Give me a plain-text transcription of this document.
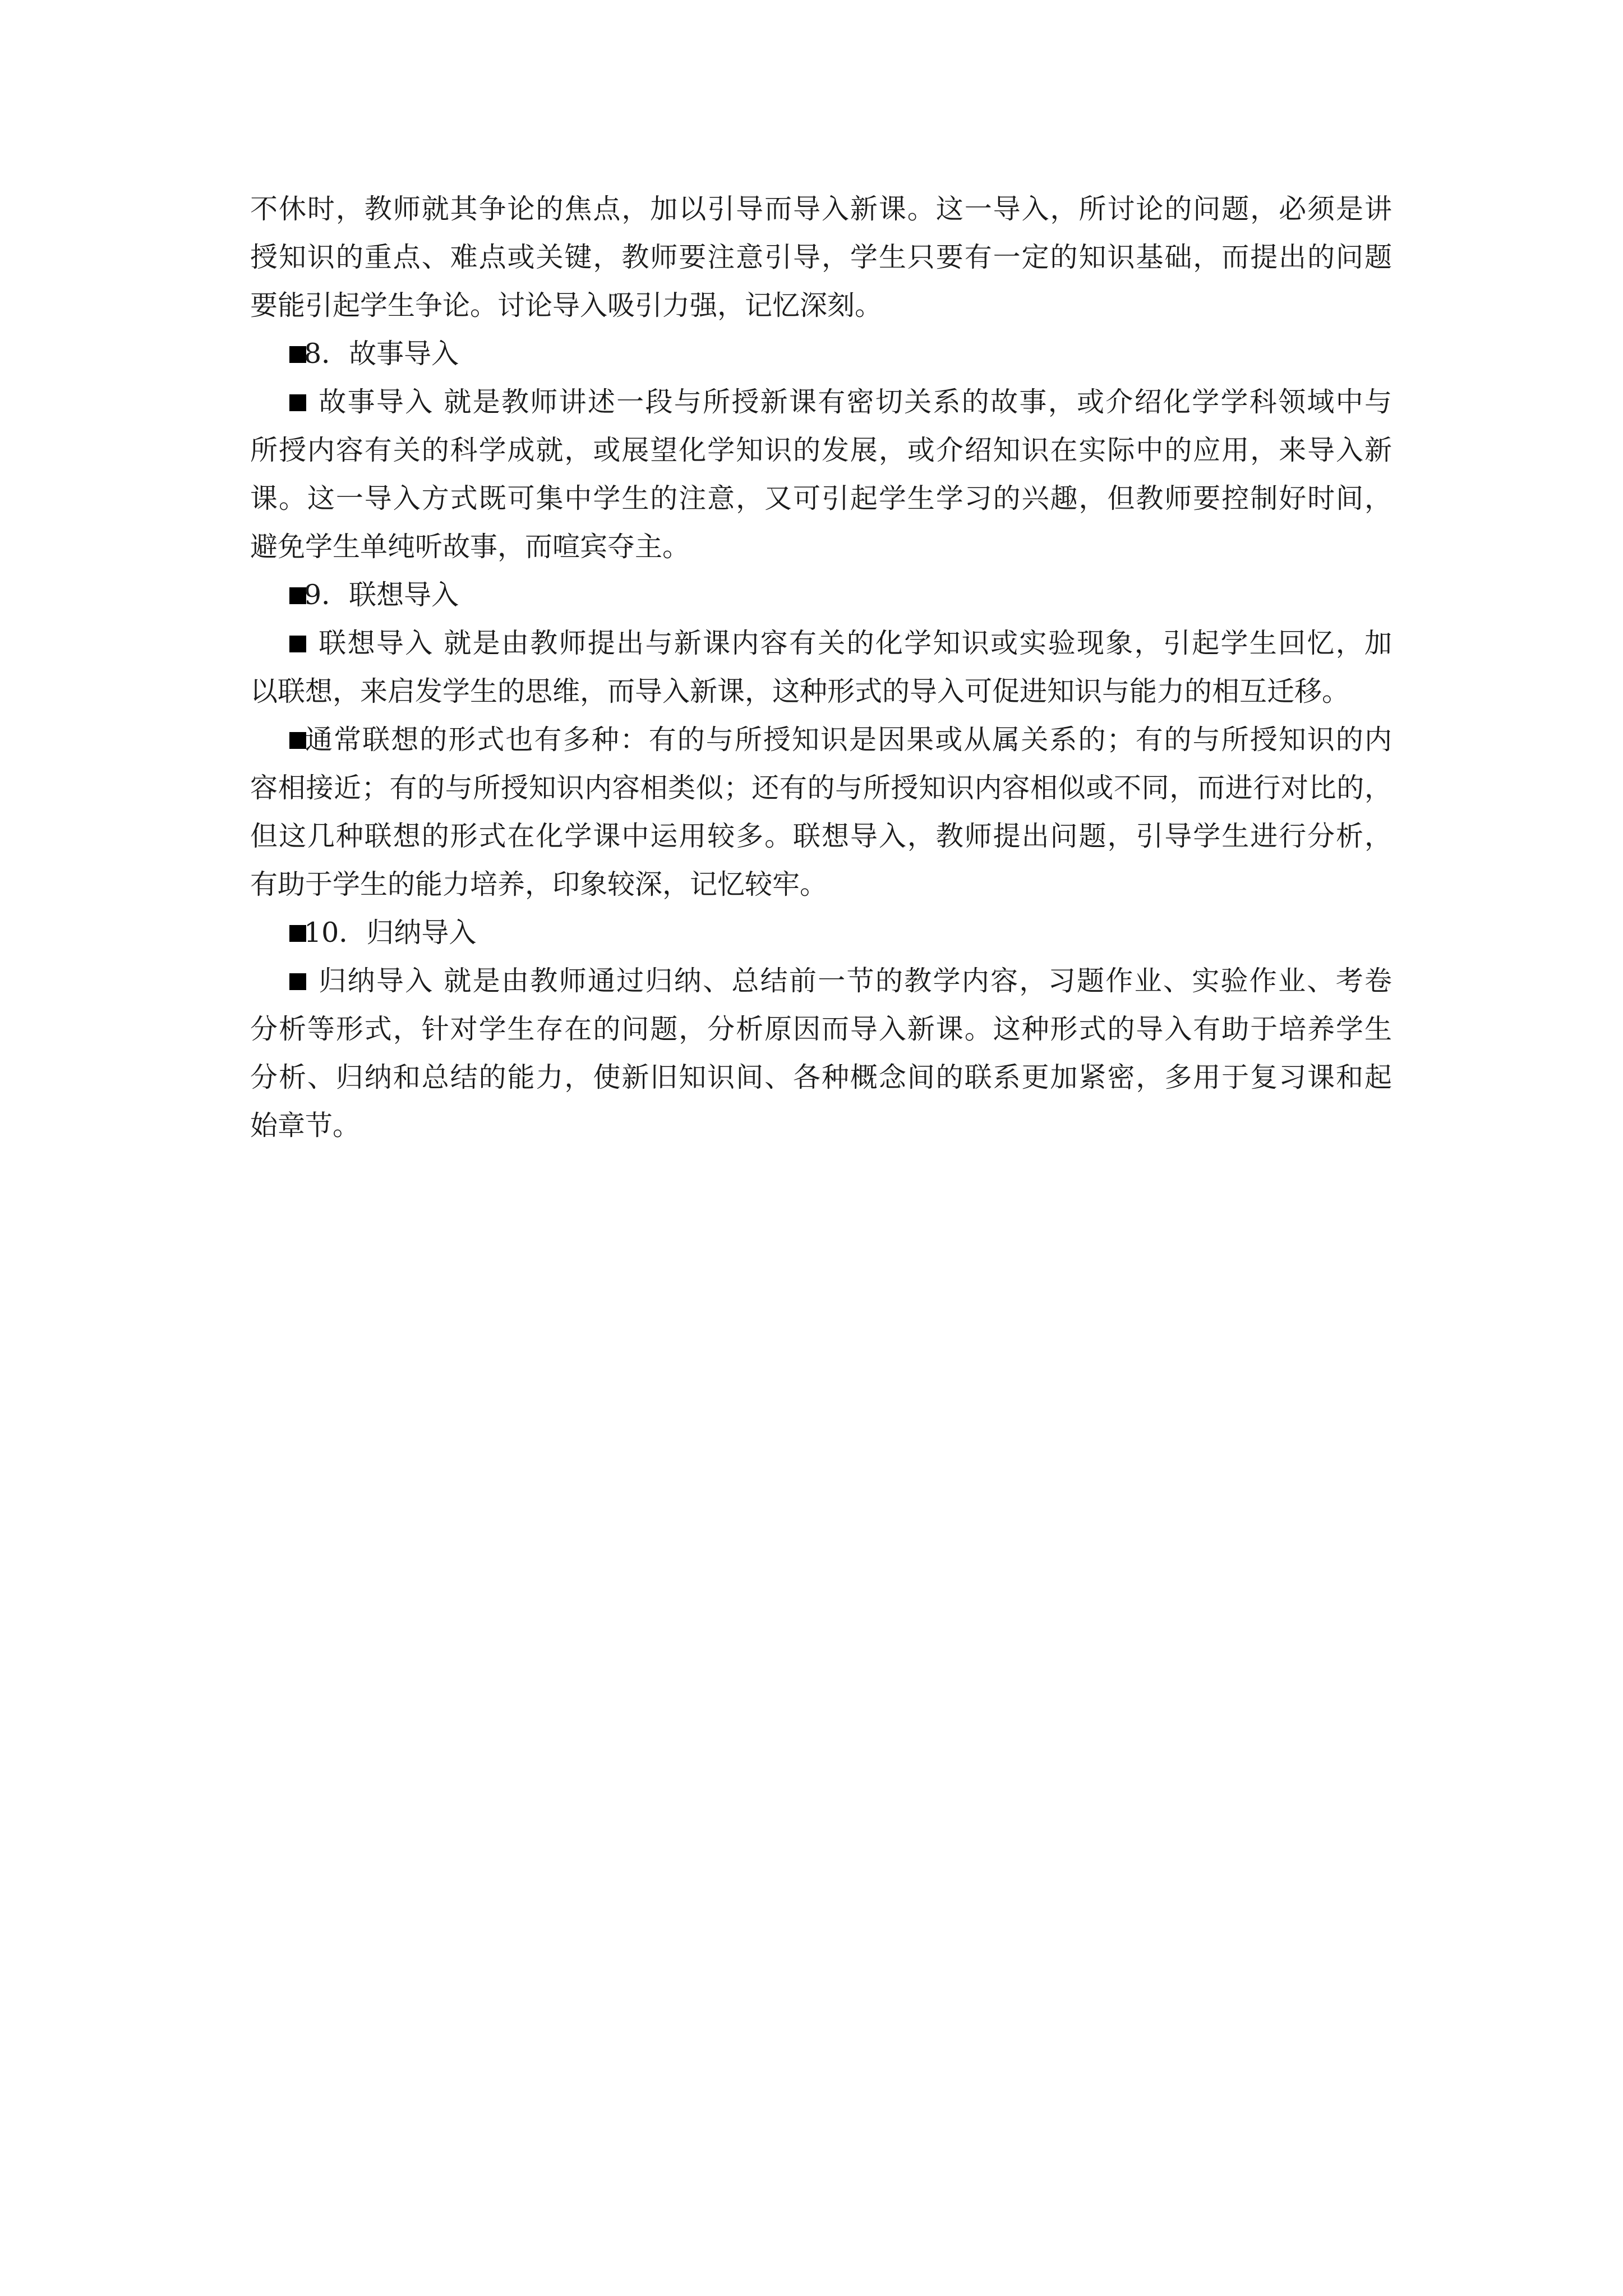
不休时，教师就其争论的焦点，加以引导而导入新课。这一导入，所讨论的问题，必须是讲
授知识的重点、难点或关键，教师要注意引导，学生只要有一定的知识基础，而提出的问题
要能引起学生争论。讨论导入吸引力强，记忆深刻。
8．故事导入
故事导入 就是教师讲述一段与所授新课有密切关系的故事，或介绍化学学科领域中与
所授内容有关的科学成就，或展望化学知识的发展，或介绍知识在实际中的应用，来导入新
课。这一导入方式既可集中学生的注意，又可引起学生学习的兴趣，但教师要控制好时间，
避免学生单纯听故事，而喧宾夺主。
9．联想导入
联想导入 就是由教师提出与新课内容有关的化学知识或实验现象，引起学生回忆，加
以联想，来启发学生的思维，而导入新课，这种形式的导入可促进知识与能力的相互迁移。
通常联想的形式也有多种：有的与所授知识是因果或从属关系的；有的与所授知识的内
容相接近；有的与所授知识内容相类似；还有的与所授知识内容相似或不同，而进行对比的，
但这几种联想的形式在化学课中运用较多。联想导入，教师提出问题，引导学生进行分析，
有助于学生的能力培养，印象较深，记忆较牢。
10．归纳导入
归纳导入 就是由教师通过归纳、总结前一节的教学内容，习题作业、实验作业、考卷
分析等形式，针对学生存在的问题，分析原因而导入新课。这种形式的导入有助于培养学生
分析、归纳和总结的能力，使新旧知识间、各种概念间的联系更加紧密，多用于复习课和起
始章节。
